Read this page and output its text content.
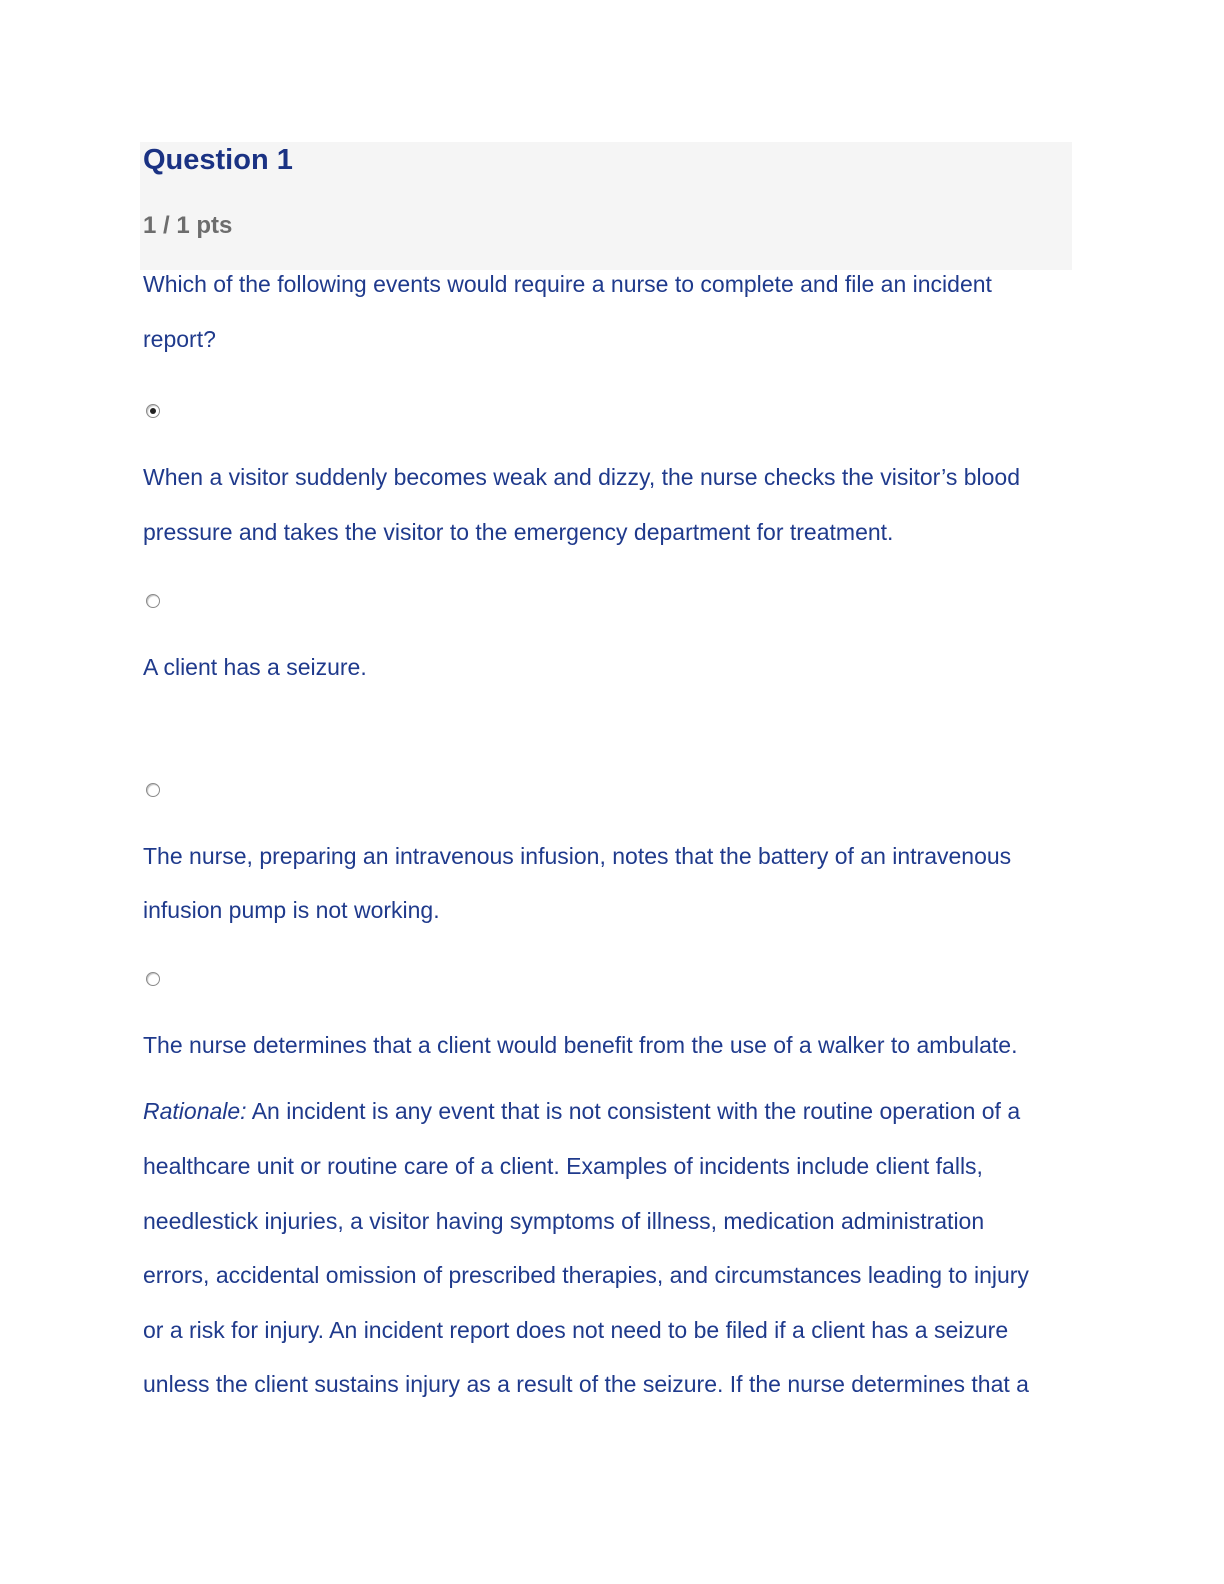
Question 1
1 / 1 pts
Which of the following events would require a nurse to complete and file an incident
report?
When a visitor suddenly becomes weak and dizzy, the nurse checks the visitor’s blood
pressure and takes the visitor to the emergency department for treatment.
A client has a seizure.
The nurse, preparing an intravenous infusion, notes that the battery of an intravenous
infusion pump is not working.
The nurse determines that a client would benefit from the use of a walker to ambulate.
Rationale: An incident is any event that is not consistent with the routine operation of a
healthcare unit or routine care of a client. Examples of incidents include client falls,
needlestick injuries, a visitor having symptoms of illness, medication administration
errors, accidental omission of prescribed therapies, and circumstances leading to injury
or a risk for injury. An incident report does not need to be filed if a client has a seizure
unless the client sustains injury as a result of the seizure. If the nurse determines that a
